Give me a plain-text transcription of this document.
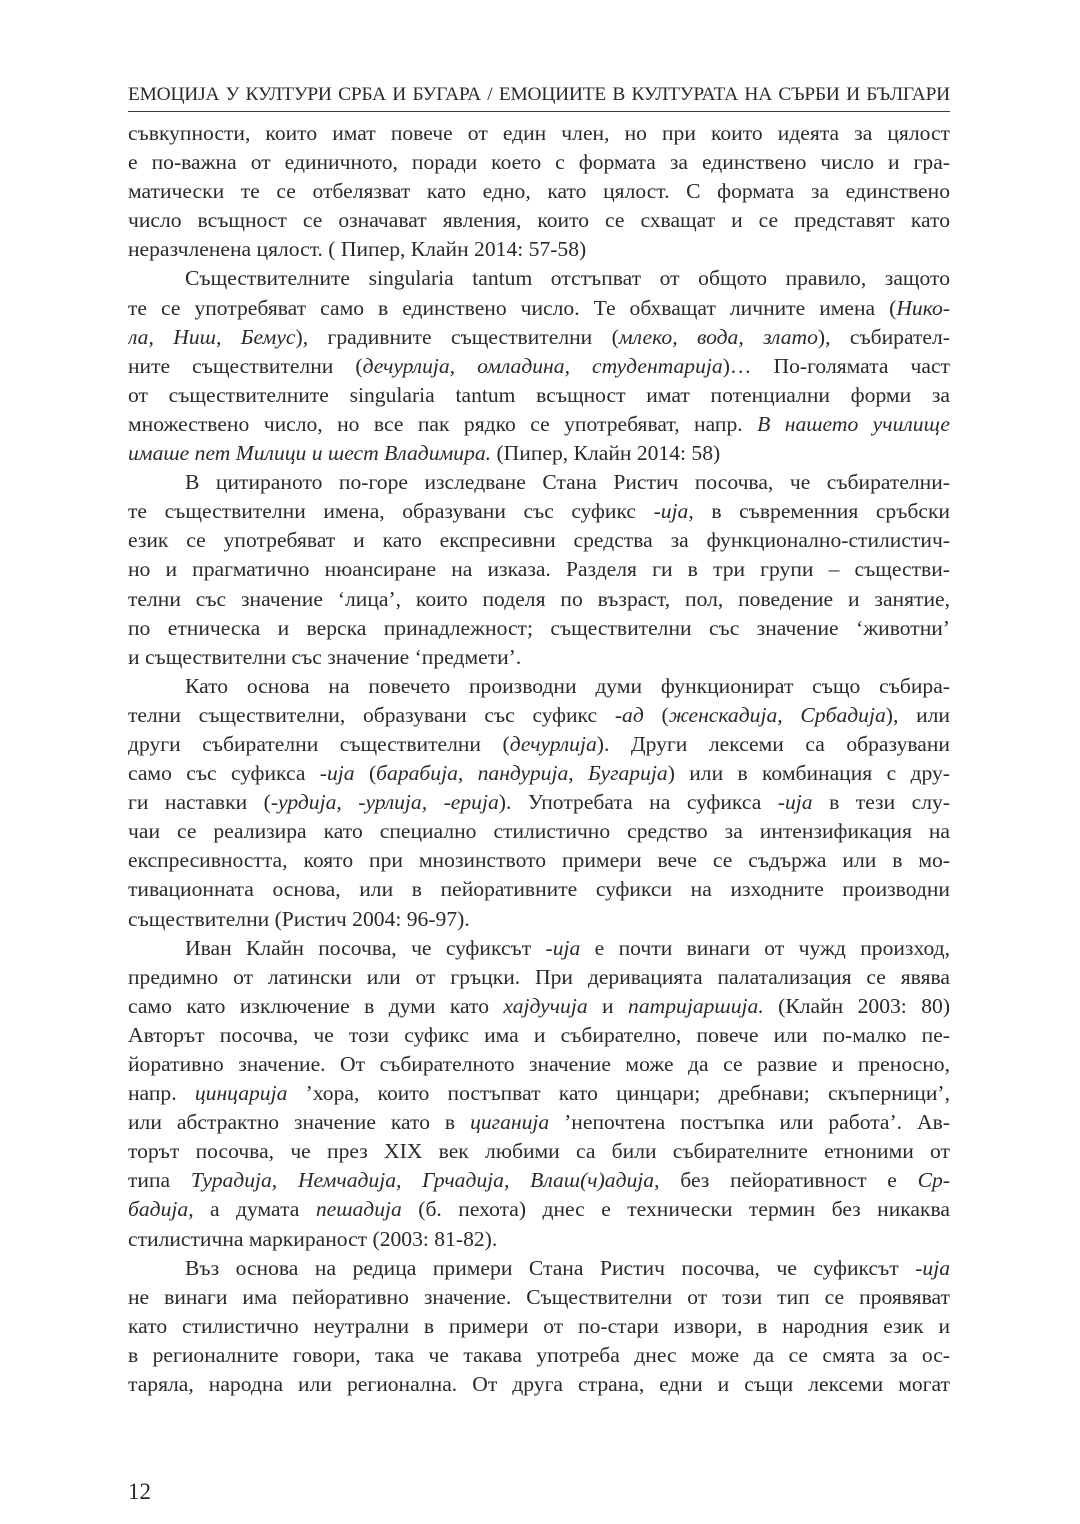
ЕМОЦИЈА У КУЛТУРИ СРБА И БУГАРА / ЕМОЦИИТЕ В КУЛТУРАТА НА СЪРБИ И БЪЛГАРИ
съвкупности, които имат повече от един член, но при които идеята за цялост
е по-важна от единичното, поради което с формата за единствено число и гра-
матически те се отбелязват като едно, като цялост. С формата за единствено
число всъщност се означават явления, които се схващат и се представят като
неразчленена цялост. ( Пипер, Клайн 2014: 57-58)
Съществителните singularia tantum отстъпват от общото правило, защото
те се употребяват само в единствено число. Те обхващат личните имена (Нико-
ла, Ниш, Бемус), градивните съществителни (млеко, вода, злато), събирател-
ните съществителни (дечурлија, омладина, студентарија)… По-голямата част
от съществителните singularia tantum всъщност имат потенциални форми за
множествено число, но все пак рядко се употребяват, напр. В нашето училище
имаше пет Милици и шест Владимира. (Пипер, Клайн 2014: 58)
В цитираното по-горе изследване Стана Ристич посочва, че събирателни-
те съществителни имена, образувани със суфикс -ија, в съвременния сръбски
език се употребяват и като експресивни средства за функционално-стилистич-
но и прагматично нюансиране на изказа. Разделя ги в три групи – съществи-
телни със значение ‘лица’, които поделя по възраст, пол, поведение и занятие,
по етническа и верска принадлежност; съществителни със значение ‘животни’
и съществителни със значение ‘предмети’.
Като основа на повечето производни думи функционират също събира-
телни съществителни, образувани със суфикс -ад (женскадија, Србадија), или
други събирателни съществителни (дечурлија). Други лексеми са образувани
само със суфикса -ија (барабија, пандурија, Бугарија) или в комбинация с дру-
ги наставки (-урдија, -урлија, -ерија). Употребата на суфикса -ија в тези слу-
чаи се реализира като специално стилистично средство за интензификация на
експресивността, която при мнозинството примери вече се съдържа или в мо-
тивационната основа, или в пейоративните суфикси на изходните производни
съществителни (Ристич 2004: 96-97).
Иван Клайн посочва, че суфиксът -ија е почти винаги от чужд произход,
предимно от латински или от гръцки. При деривацията палатализация се явява
само като изключение в думи като хајдучија и патријаршија. (Клайн 2003: 80)
Авторът посочва, че този суфикс има и събирателно, повече или по-малко пе-
йоративно значение. От събирателното значение може да се развие и преносно,
напр. цинцарија ’хора, които постъпват като цинцари; дребнави; скъперници’,
или абстрактно значение като в циганија ’непочтена постъпка или работа’. Ав-
торът посочва, че през XIX век любими са били събирателните етноними от
типа Турадија, Немчадија, Грчадија, Влаш(ч)адија, без пейоративност е Ср-
бадија, а думата пешадија (б. пехота) днес е технически термин без никаква
стилистична маркираност (2003: 81-82).
Въз основа на редица примери Стана Ристич посочва, че суфиксът -ија
не винаги има пейоративно значение. Съществителни от този тип се проявяват
като стилистично неутрални в примери от по-стари извори, в народния език и
в регионалните говори, така че такава употреба днес може да се смята за ос-
таряла, народна или регионална. От друга страна, едни и същи лексеми могат
12
